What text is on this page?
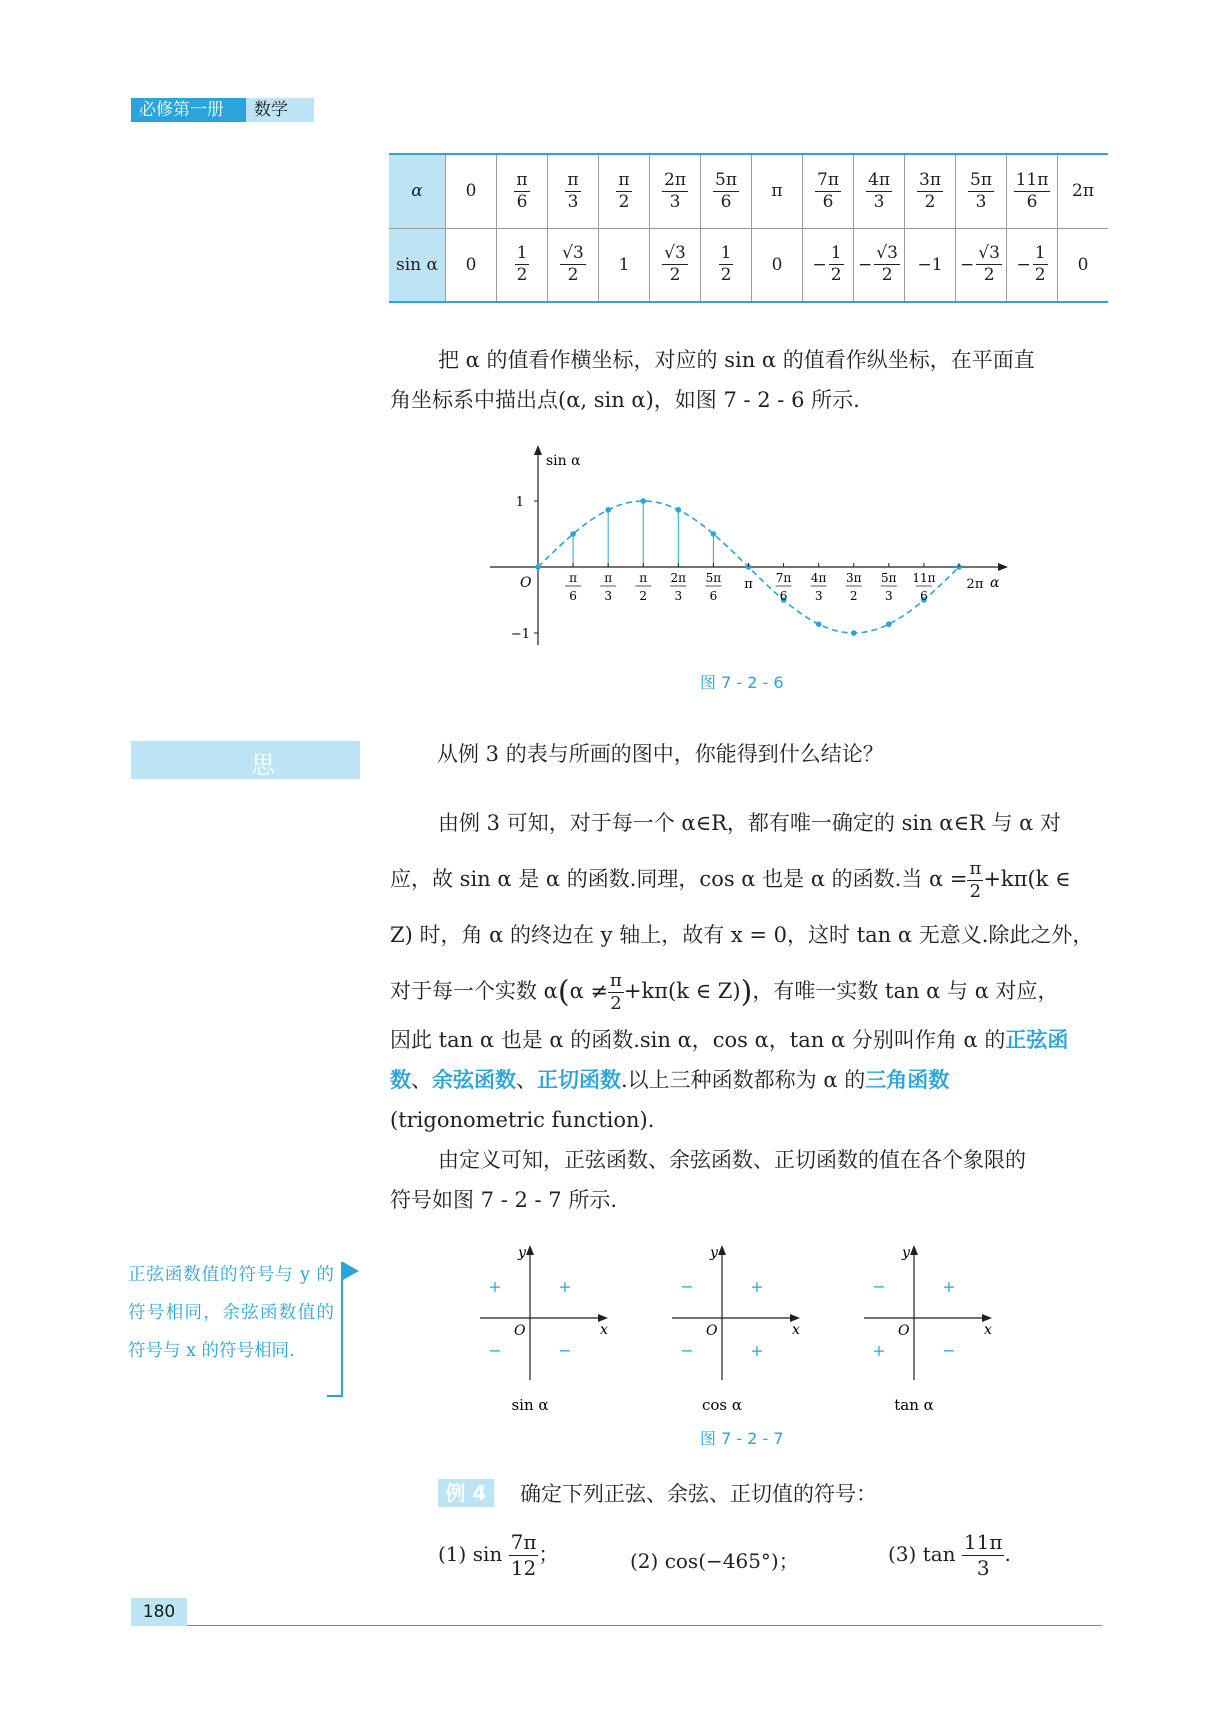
必修第一册	数学
α	0	$\frac{\pi}{6}$	$\frac{\pi}{3}$	$\frac{\pi}{2}$	$\frac{2\pi}{3}$	$\frac{5\pi}{6}$	π	$\frac{7\pi}{6}$	$\frac{4\pi}{3}$	$\frac{3\pi}{2}$	$\frac{5\pi}{3}$	$\frac{11\pi}{6}$	2π
sin α	0	$\frac{1}{2}$	$\frac{√3}{2}$	1	$\frac{√3}{2}$	$\frac{1}{2}$	0	− $\frac{1}{2}$	− $\frac{√3}{2}$	−1	− $\frac{√3}{2}$	− $\frac{1}{2}$	0

把 α 的值看作横坐标，对应的 sin α 的值看作纵坐标，在平面直

角坐标系中描出点(α, sin α)，如图 7 - 2 - 6 所示.

1
−1
sin α
α
O	π
6
π
3
π
2
2π
3
5π
6
π 7π
6
4π
3
3π
2
5π
3
11π
6
2π
图 7 - 2 - 6
思 考
从例 3 的表与所画的图中，你能得到什么结论？

由例 3 可知，对于每一个 α∈R，都有唯一确定的 sin α∈R 与 α 对

应，故 sin α 是 α 的函数.同理，cos α 也是 α 的函数.当 $\alpha = \frac{\pi}{2} +k\pi(k$ ∈

Z) 时，角 α 的终边在 y 轴上，故有 x = 0，这时 tan α 无意义.除此之外，

对于每一个实数 $\alpha(\alpha \ne \frac{\pi}{2} +k\pi(k$ ∈ Z))，有唯一实数 tan α 与 α 对应，

因此 tan α 也是 α 的函数.sin α，cos α，tan α 分别叫作角 α 的正弦函

数、余弦函数、正切函数.以上三种函数都称为 α 的三角函数

(trigonometric function).

由定义可知，正弦函数、余弦函数、正切函数的值在各个象限的

符号如图 7 - 2 - 7 所示.

正弦函数值的符号与 y 的符号相同，余弦函数值的符号与 x 的符号相同.
y
x
O
+	+
−	−
sin α
y
x
O
−	+
−	+
cos α
y
x
O
−	+
+	−
tan α
图 7 - 2 - 7
例 4	确定下列正弦、余弦、正切值的符号：
(1) $\sin \frac{7\pi}{12}$ ；	(2) cos(−465°)；	(3) $\tan \frac{11\pi}{3}$ .
180
